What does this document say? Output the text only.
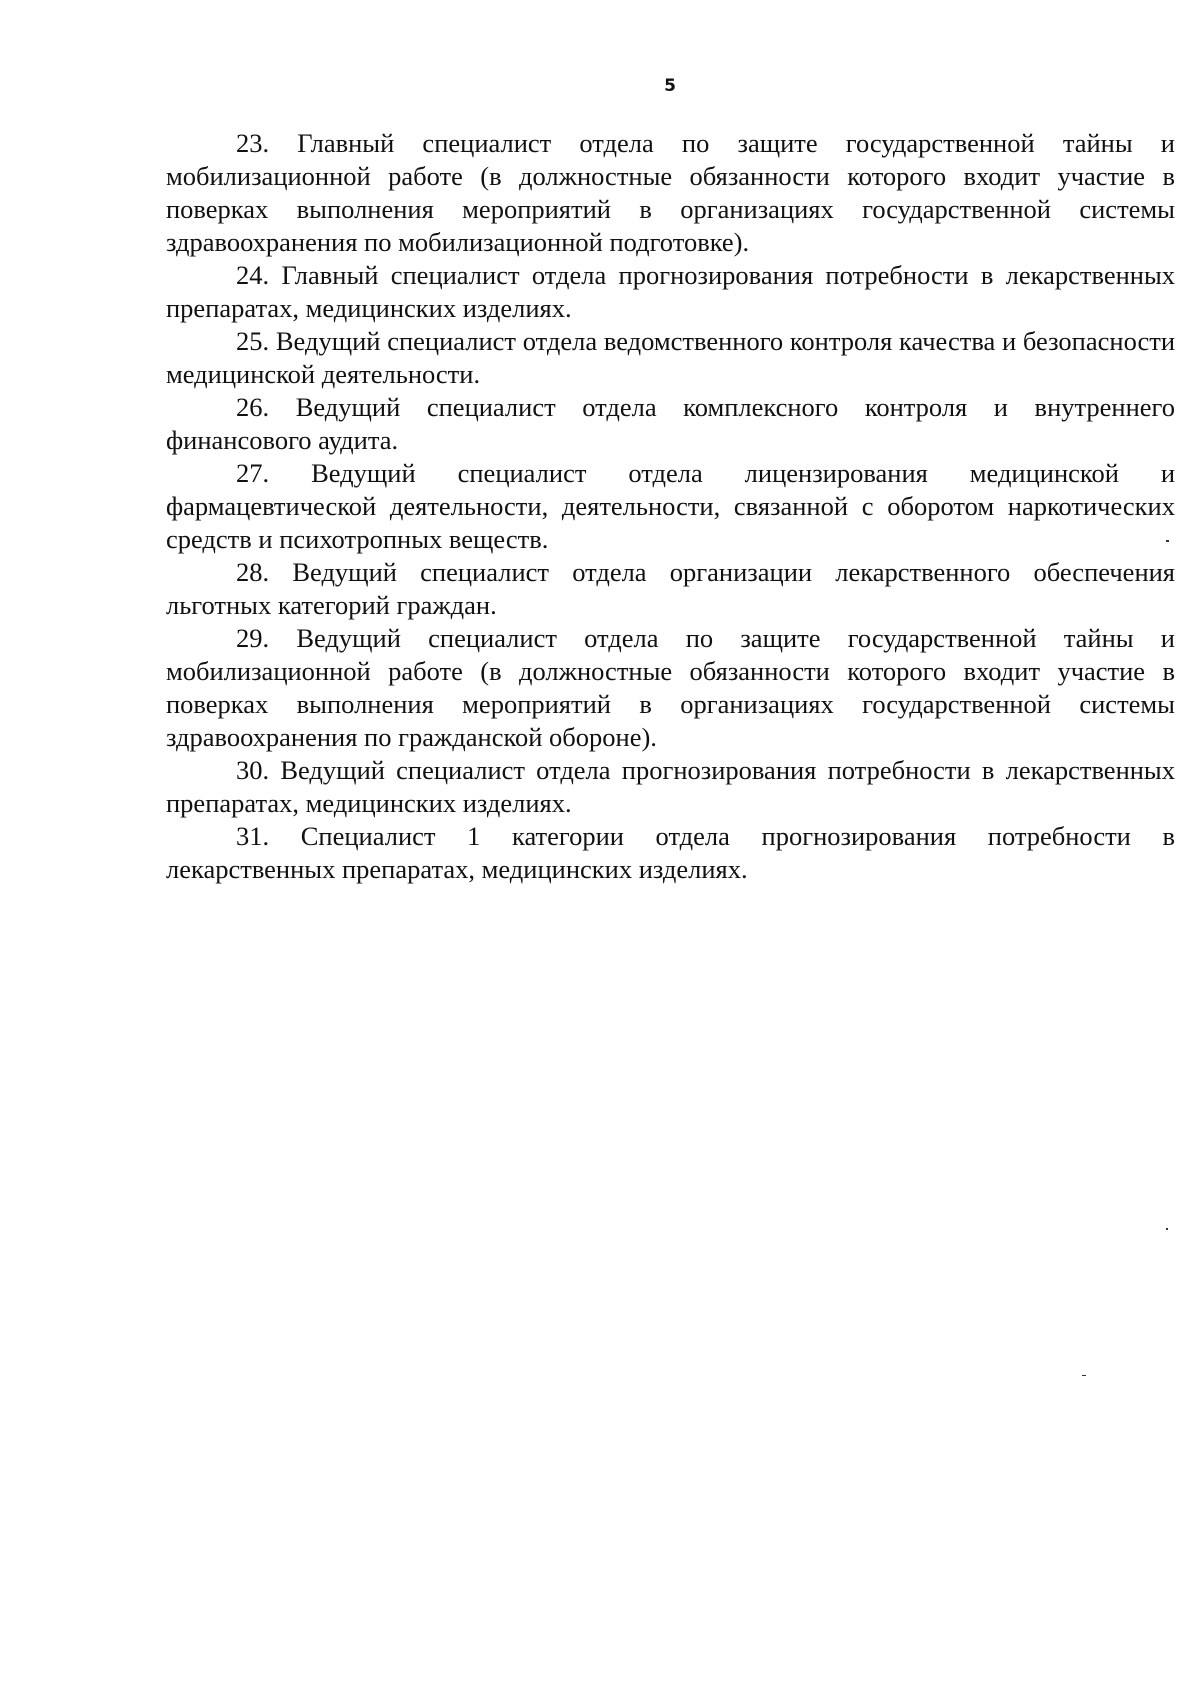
5

23. Главный специалист отдела по защите государственной тайны и мобилизационной работе (в должностные обязанности которого входит участие в поверках выполнения мероприятий в организациях государственной системы здравоохранения по мобилизационной подготовке).

24. Главный специалист отдела прогнозирования потребности в лекарственных препаратах, медицинских изделиях.

25. Ведущий специалист отдела ведомственного контроля качества и безопасности медицинской деятельности.

26. Ведущий специалист отдела комплексного контроля и внутреннего финансового аудита.

27. Ведущий специалист отдела лицензирования медицинской и фармацевтической деятельности, деятельности, связанной с оборотом наркотических средств и психотропных веществ.

28. Ведущий специалист отдела организации лекарственного обеспечения льготных категорий граждан.

29. Ведущий специалист отдела по защите государственной тайны и мобилизационной работе (в должностные обязанности которого входит участие в поверках выполнения мероприятий в организациях государственной системы здравоохранения по гражданской обороне).

30. Ведущий специалист отдела прогнозирования потребности в лекарственных препаратах, медицинских изделиях.

31. Специалист 1 категории отдела прогнозирования потребности в лекарственных препаратах, медицинских изделиях.
